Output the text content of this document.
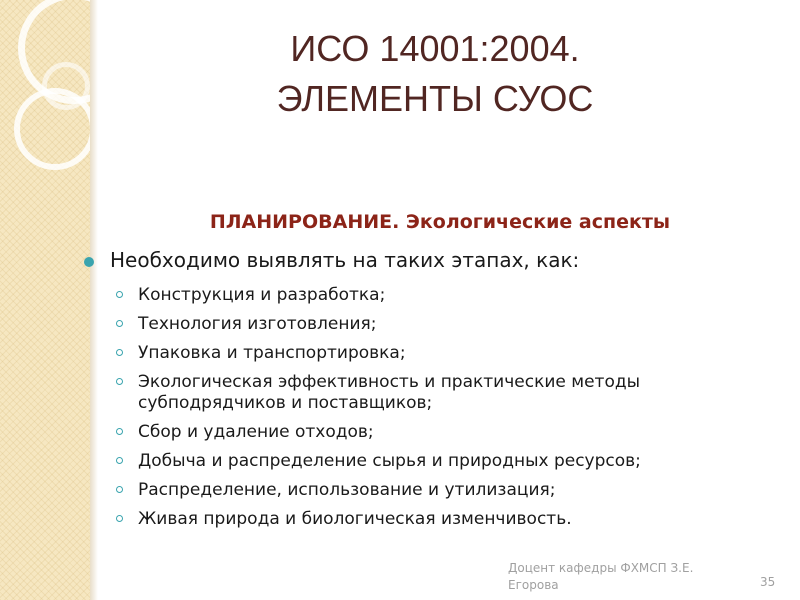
ИСО 14001:2004.
ЭЛЕМЕНТЫ СУОС
ПЛАНИРОВАНИЕ. Экологические аспекты
Необходимо выявлять на таких этапах, как:
Конструкция и разработка;
Технология изготовления;
Упаковка и транспортировка;
Экологическая эффективность и практические методы субподрядчиков и поставщиков;
Сбор и удаление отходов;
Добыча и распределение сырья и природных ресурсов;
Распределение, использование и утилизация;
Живая природа и биологическая изменчивость.
Доцент кафедры ФХМСП З.Е. Егорова	35
